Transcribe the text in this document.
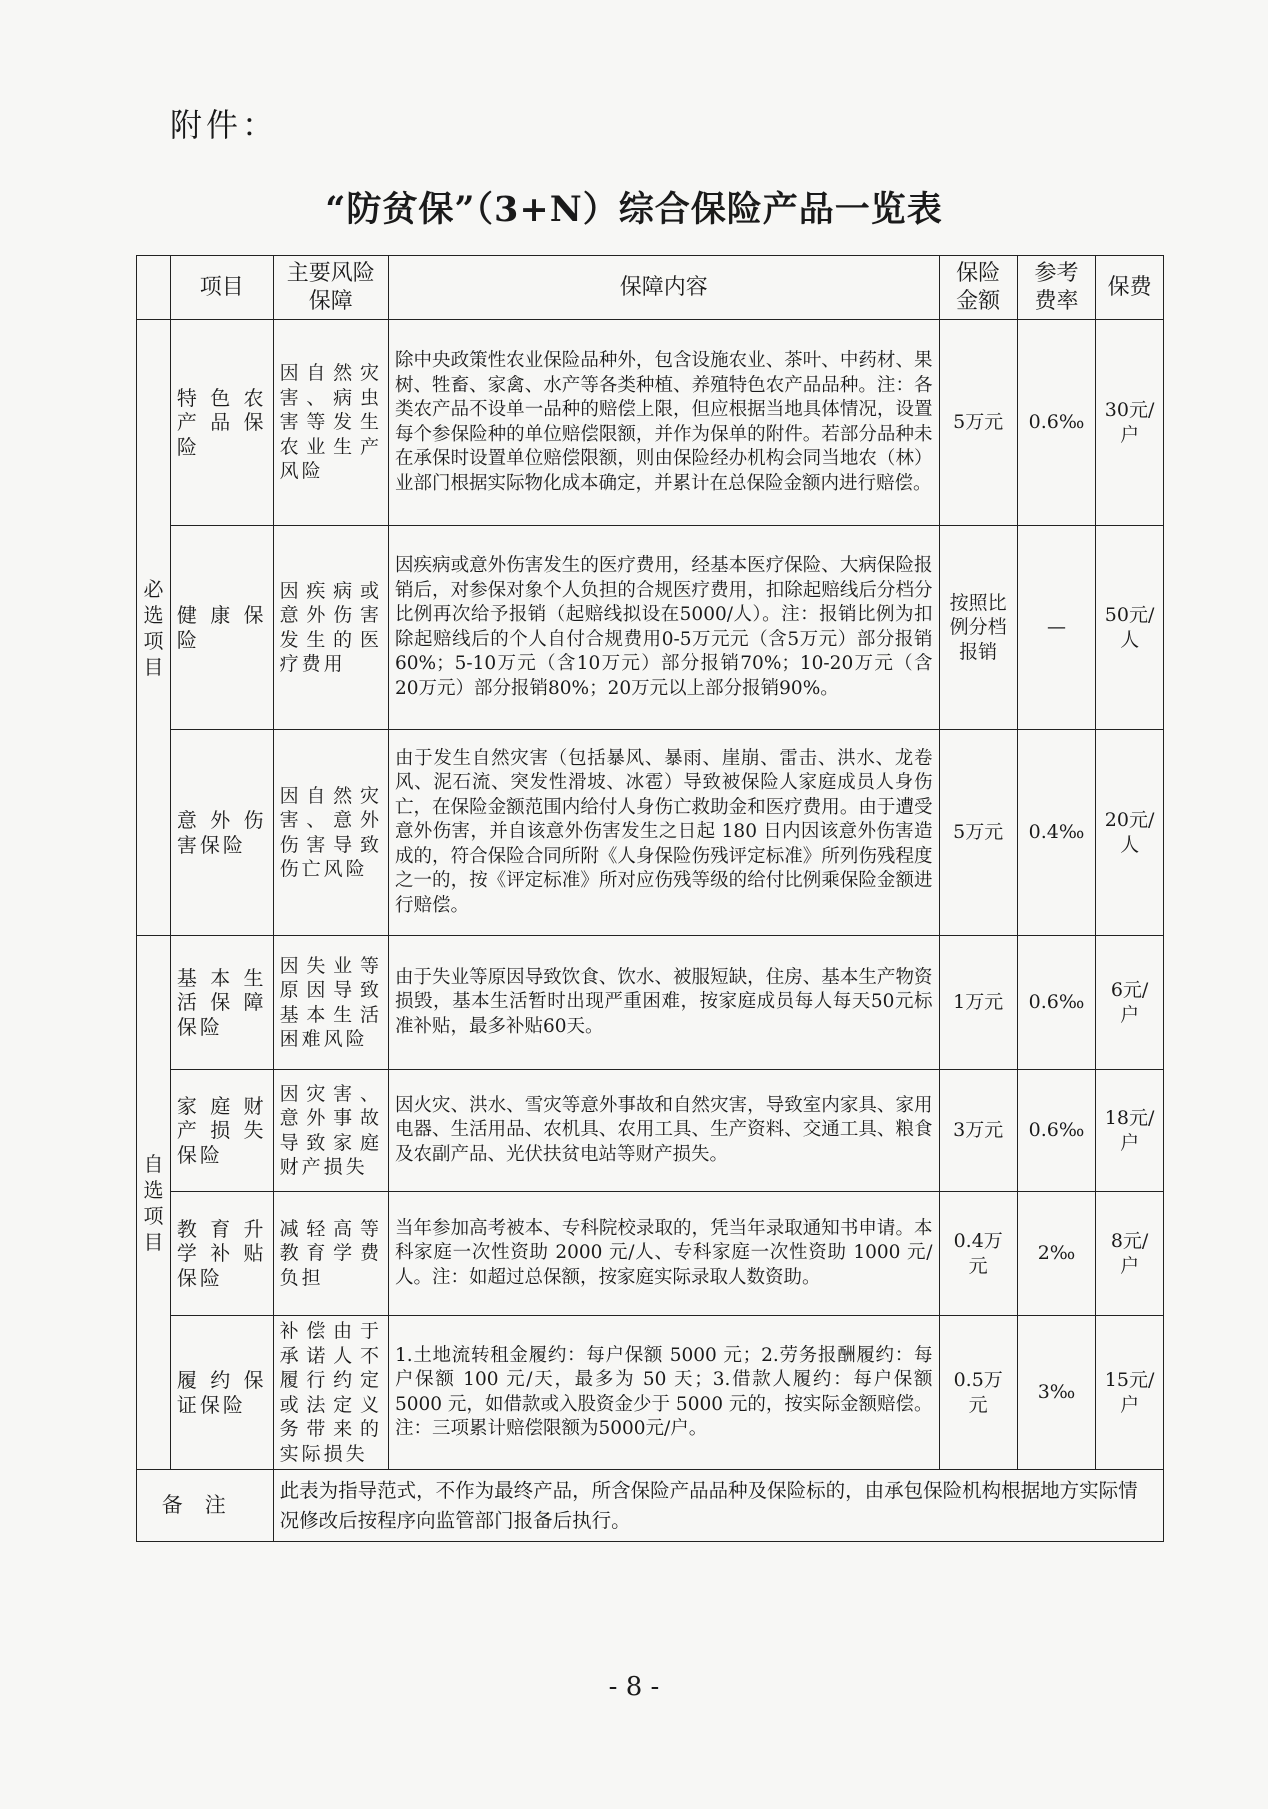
附件：
“防贫保”（3+N）综合保险产品一览表
	项目	主要风险保障	保障内容	保险金额	参考费率	保费
必选项目	特色农产品保险	因自然灾害、病虫害等发生农业生产风险	除中央政策性农业保险品种外，包含设施农业、茶叶、中药材、果树、牲畜、家禽、水产等各类种植、养殖特色农产品品种。注：各类农产品不设单一品种的赔偿上限，但应根据当地具体情况，设置每个参保险种的单位赔偿限额，并作为保单的附件。若部分品种未在承保时设置单位赔偿限额，则由保险经办机构会同当地农（林）业部门根据实际物化成本确定，并累计在总保险金额内进行赔偿。	5万元	0.6‰	30元/户
	健康保险	因疾病或意外伤害发生的医疗费用	因疾病或意外伤害发生的医疗费用，经基本医疗保险、大病保险报销后，对参保对象个人负担的合规医疗费用，扣除起赔线后分档分比例再次给予报销（起赔线拟设在5000/人）。注：报销比例为扣除起赔线后的个人自付合规费用0-5万元元（含5万元）部分报销60%；5-10万元（含10万元）部分报销70%；10-20万元（含20万元）部分报销80%；20万元以上部分报销90%。	按照比例分档报销	—	50元/人
	意外伤害保险	因自然灾害、意外伤害导致伤亡风险	由于发生自然灾害（包括暴风、暴雨、崖崩、雷击、洪水、龙卷风、泥石流、突发性滑坡、冰雹）导致被保险人家庭成员人身伤亡，在保险金额范围内给付人身伤亡救助金和医疗费用。由于遭受意外伤害，并自该意外伤害发生之日起 180 日内因该意外伤害造成的，符合保险合同所附《人身保险伤残评定标准》所列伤残程度之一的，按《评定标准》所对应伤残等级的给付比例乘保险金额进行赔偿。	5万元	0.4‰	20元/人
自选项目	基本生活保障保险	因失业等原因导致基本生活困难风险	由于失业等原因导致饮食、饮水、被服短缺，住房、基本生产物资损毁，基本生活暂时出现严重困难，按家庭成员每人每天50元标准补贴，最多补贴60天。	1万元	0.6‰	6元/户
	家庭财产损失保险	因灾害、意外事故导致家庭财产损失	因火灾、洪水、雪灾等意外事故和自然灾害，导致室内家具、家用电器、生活用品、农机具、农用工具、生产资料、交通工具、粮食及农副产品、光伏扶贫电站等财产损失。	3万元	0.6‰	18元/户
	教育升学补贴保险	减轻高等教育学费负担	当年参加高考被本、专科院校录取的，凭当年录取通知书申请。本科家庭一次性资助 2000 元/人、专科家庭一次性资助 1000 元/人。注：如超过总保额，按家庭实际录取人数资助。	0.4万元	2‰	8元/户
	履约保证保险	补偿由于承诺人不履行约定或法定义务带来的实际损失	1.土地流转租金履约：每户保额 5000 元；2.劳务报酬履约：每户保额 100 元/天，最多为 50 天；3.借款人履约：每户保额 5000 元，如借款或入股资金少于 5000 元的，按实际金额赔偿。注：三项累计赔偿限额为5000元/户。	0.5万元	3‰	15元/户
备注		此表为指导范式，不作为最终产品，所含保险产品品种及保险标的，由承包保险机构根据地方实际情况修改后按程序向监管部门报备后执行。				
- 8 -
